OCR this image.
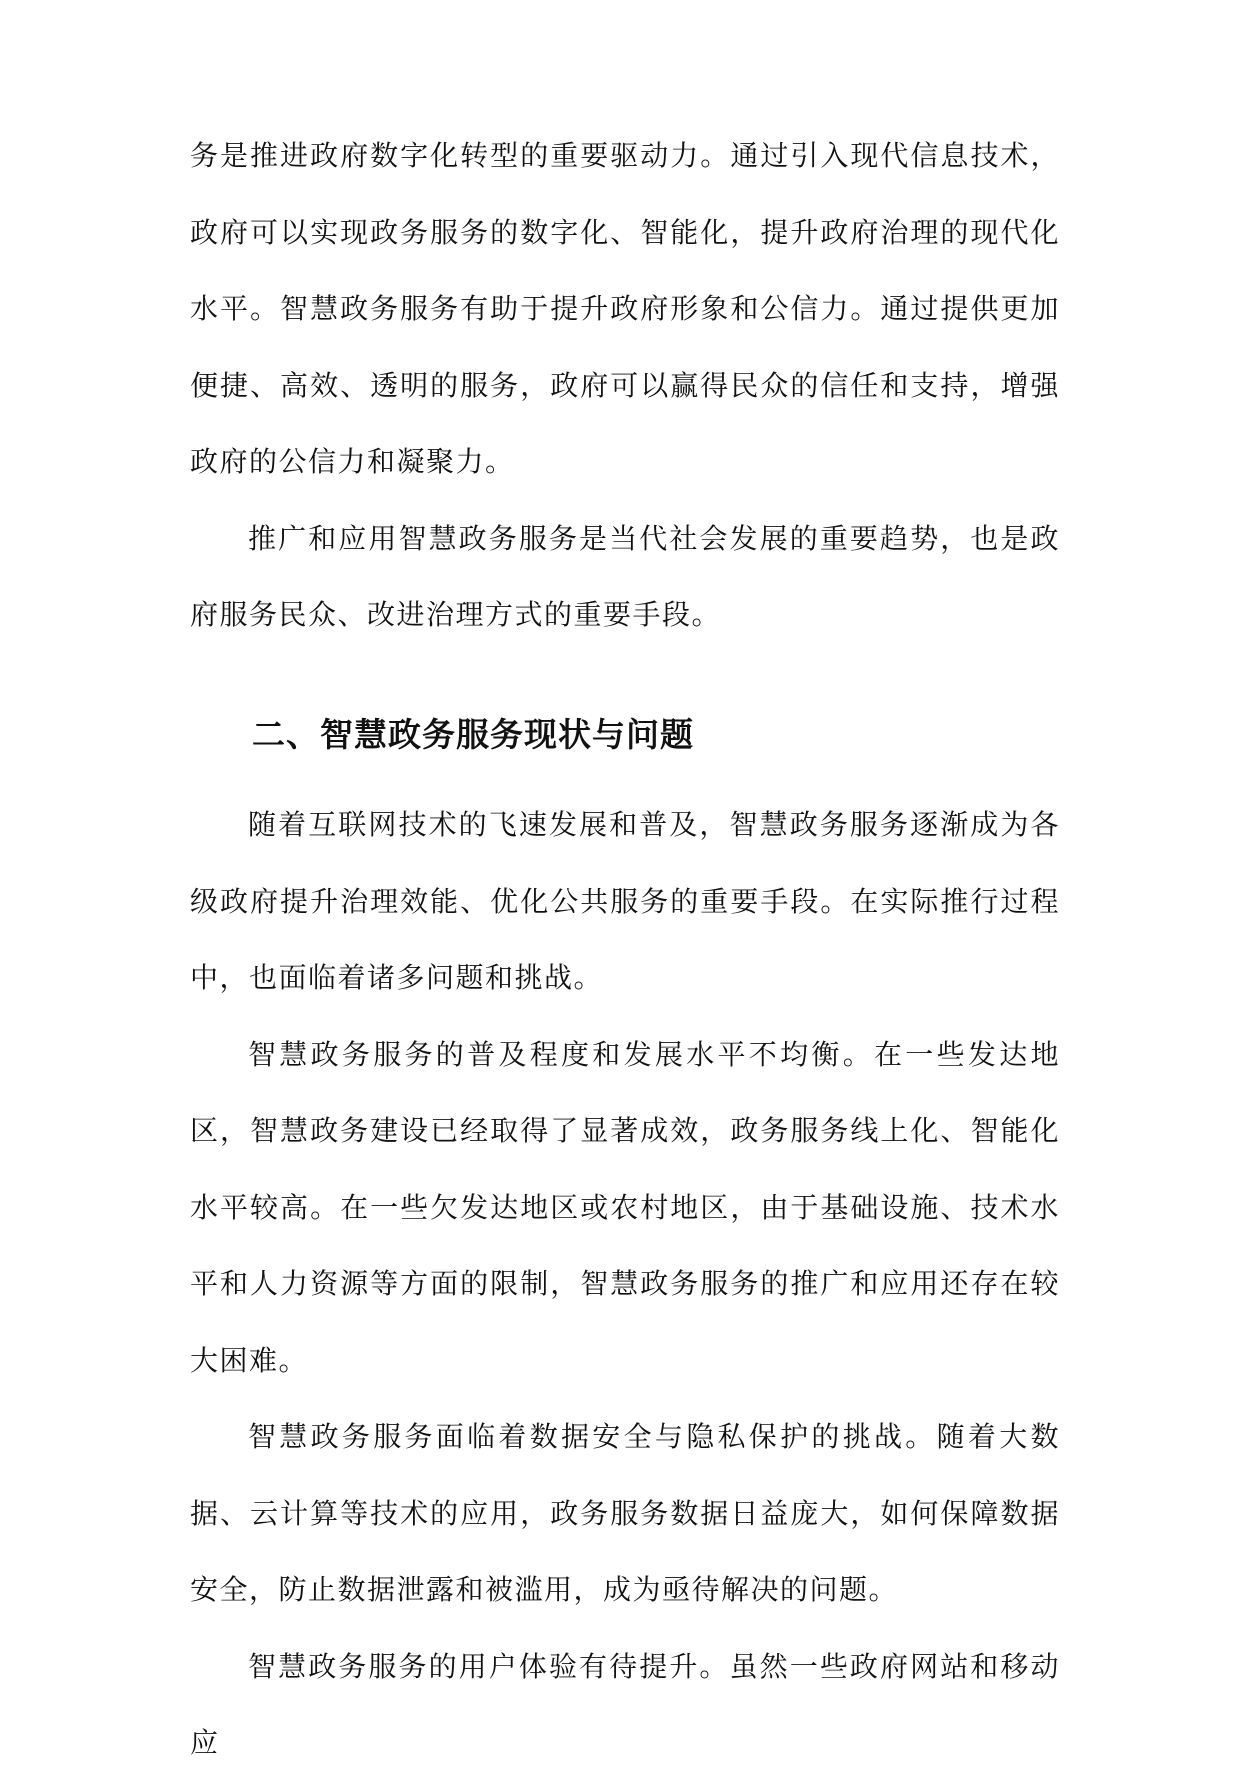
务是推进政府数字化转型的重要驱动力。通过引入现代信息技术，政府可以实现政务服务的数字化、智能化，提升政府治理的现代化水平。智慧政务服务有助于提升政府形象和公信力。通过提供更加便捷、高效、透明的服务，政府可以赢得民众的信任和支持，增强政府的公信力和凝聚力。

推广和应用智慧政务服务是当代社会发展的重要趋势，也是政府服务民众、改进治理方式的重要手段。

二、智慧政务服务现状与问题

随着互联网技术的飞速发展和普及，智慧政务服务逐渐成为各级政府提升治理效能、优化公共服务的重要手段。在实际推行过程中，也面临着诸多问题和挑战。

智慧政务服务的普及程度和发展水平不均衡。在一些发达地区，智慧政务建设已经取得了显著成效，政务服务线上化、智能化水平较高。在一些欠发达地区或农村地区，由于基础设施、技术水平和人力资源等方面的限制，智慧政务服务的推广和应用还存在较大困难。

智慧政务服务面临着数据安全与隐私保护的挑战。随着大数据、云计算等技术的应用，政务服务数据日益庞大，如何保障数据安全，防止数据泄露和被滥用，成为亟待解决的问题。

智慧政务服务的用户体验有待提升。虽然一些政府网站和移动应
